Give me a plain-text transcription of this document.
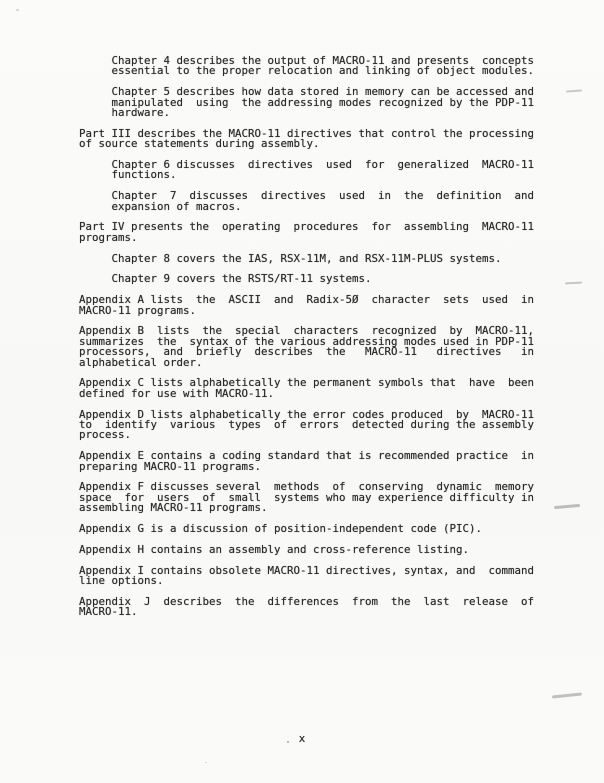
Chapter 4 describes the output of MACRO-11 and presents  concepts
essential to the proper relocation and linking of object modules.
Chapter 5 describes how data stored in memory can be accessed and
manipulated  using  the addressing modes recognized by the PDP-11
hardware.
Part III describes the MACRO-11 directives that control the processing
of source statements during assembly.
Chapter 6 discusses  directives  used  for  generalized  MACRO-11
functions.
Chapter  7  discusses  directives  used  in  the  definition  and
expansion of macros.
Part IV presents the  operating  procedures  for  assembling  MACRO-11
programs.
Chapter 8 covers the IAS, RSX-11M, and RSX-11M-PLUS systems.
Chapter 9 covers the RSTS/RT-11 systems.
Appendix A lists  the  ASCII  and  Radix-5Ø  character  sets  used  in
MACRO-11 programs.
Appendix B  lists  the  special  characters  recognized  by  MACRO-11,
summarizes  the  syntax of the various addressing modes used in PDP-11
processors,  and  briefly  describes  the   MACRO-11   directives   in
alphabetical order.
Appendix C lists alphabetically the permanent symbols that  have  been
defined for use with MACRO-11.
Appendix D lists alphabetically the error codes produced  by  MACRO-11
to  identify  various  types  of  errors  detected during the assembly
process.
Appendix E contains a coding standard that is recommended practice  in
preparing MACRO-11 programs.
Appendix F discusses several  methods  of  conserving  dynamic  memory
space  for  users  of  small  systems who may experience difficulty in
assembling MACRO-11 programs.
Appendix G is a discussion of position-independent code (PIC).
Appendix H contains an assembly and cross-reference listing.
Appendix I contains obsolete MACRO-11 directives, syntax, and  command
line options.
Appendix  J  describes  the  differences  from  the  last  release  of
MACRO-11.
x
